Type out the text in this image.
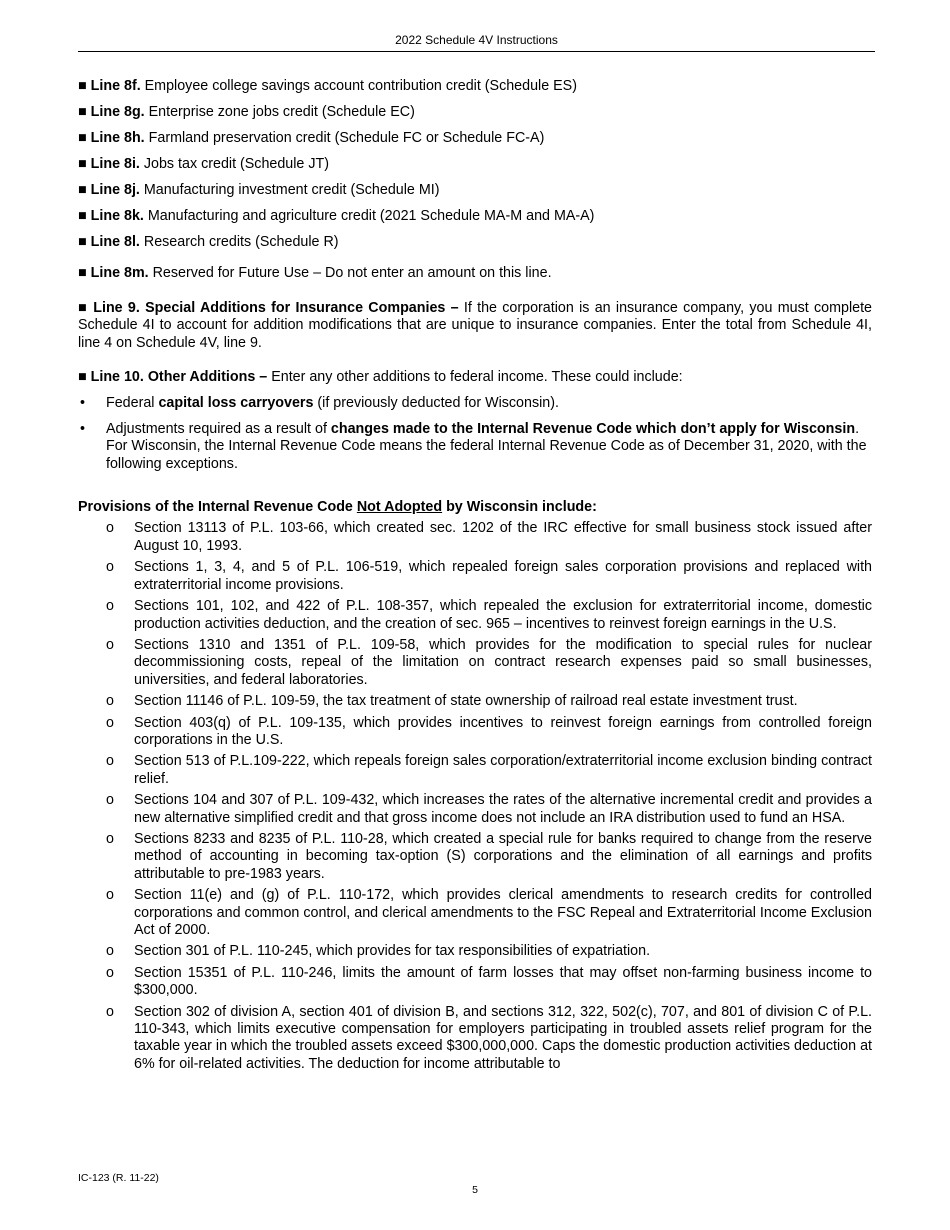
2022 Schedule 4V Instructions
■ Line 8f. Employee college savings account contribution credit (Schedule ES)
■ Line 8g. Enterprise zone jobs credit (Schedule EC)
■ Line 8h. Farmland preservation credit (Schedule FC or Schedule FC-A)
■ Line 8i. Jobs tax credit (Schedule JT)
■ Line 8j. Manufacturing investment credit (Schedule MI)
■ Line 8k. Manufacturing and agriculture credit (2021 Schedule MA-M and MA-A)
■ Line 8l. Research credits (Schedule R)
■ Line 8m. Reserved for Future Use – Do not enter an amount on this line.
■ Line 9. Special Additions for Insurance Companies – If the corporation is an insurance company, you must complete Schedule 4I to account for addition modifications that are unique to insurance companies. Enter the total from Schedule 4I, line 4 on Schedule 4V, line 9.
■ Line 10. Other Additions – Enter any other additions to federal income. These could include:
• Federal capital loss carryovers (if previously deducted for Wisconsin).
• Adjustments required as a result of changes made to the Internal Revenue Code which don’t apply for Wisconsin. For Wisconsin, the Internal Revenue Code means the federal Internal Revenue Code as of December 31, 2020, with the following exceptions.
Provisions of the Internal Revenue Code Not Adopted by Wisconsin include:
o Section 13113 of P.L. 103-66, which created sec. 1202 of the IRC effective for small business stock issued after August 10, 1993.
o Sections 1, 3, 4, and 5 of P.L. 106-519, which repealed foreign sales corporation provisions and replaced with extraterritorial income provisions.
o Sections 101, 102, and 422 of P.L. 108-357, which repealed the exclusion for extraterritorial income, domestic production activities deduction, and the creation of sec. 965 – incentives to reinvest foreign earnings in the U.S.
o Sections 1310 and 1351 of P.L. 109-58, which provides for the modification to special rules for nuclear decommissioning costs, repeal of the limitation on contract research expenses paid so small businesses, universities, and federal laboratories.
o Section 11146 of P.L. 109-59, the tax treatment of state ownership of railroad real estate investment trust.
o Section 403(q) of P.L. 109-135, which provides incentives to reinvest foreign earnings from controlled foreign corporations in the U.S.
o Section 513 of P.L.109-222, which repeals foreign sales corporation/extraterritorial income exclusion binding contract relief.
o Sections 104 and 307 of P.L. 109-432, which increases the rates of the alternative incremental credit and provides a new alternative simplified credit and that gross income does not include an IRA distribution used to fund an HSA.
o Sections 8233 and 8235 of P.L. 110-28, which created a special rule for banks required to change from the reserve method of accounting in becoming tax-option (S) corporations and the elimination of all earnings and profits attributable to pre-1983 years.
o Section 11(e) and (g) of P.L. 110-172, which provides clerical amendments to research credits for controlled corporations and common control, and clerical amendments to the FSC Repeal and Extraterritorial Income Exclusion Act of 2000.
o Section 301 of P.L. 110-245, which provides for tax responsibilities of expatriation.
o Section 15351 of P.L. 110-246, limits the amount of farm losses that may offset non-farming business income to $300,000.
o Section 302 of division A, section 401 of division B, and sections 312, 322, 502(c), 707, and 801 of division C of P.L. 110-343, which limits executive compensation for employers participating in troubled assets relief program for the taxable year in which the troubled assets exceed $300,000,000. Caps the domestic production activities deduction at 6% for oil-related activities. The deduction for income attributable to
IC-123 (R. 11-22)
5
